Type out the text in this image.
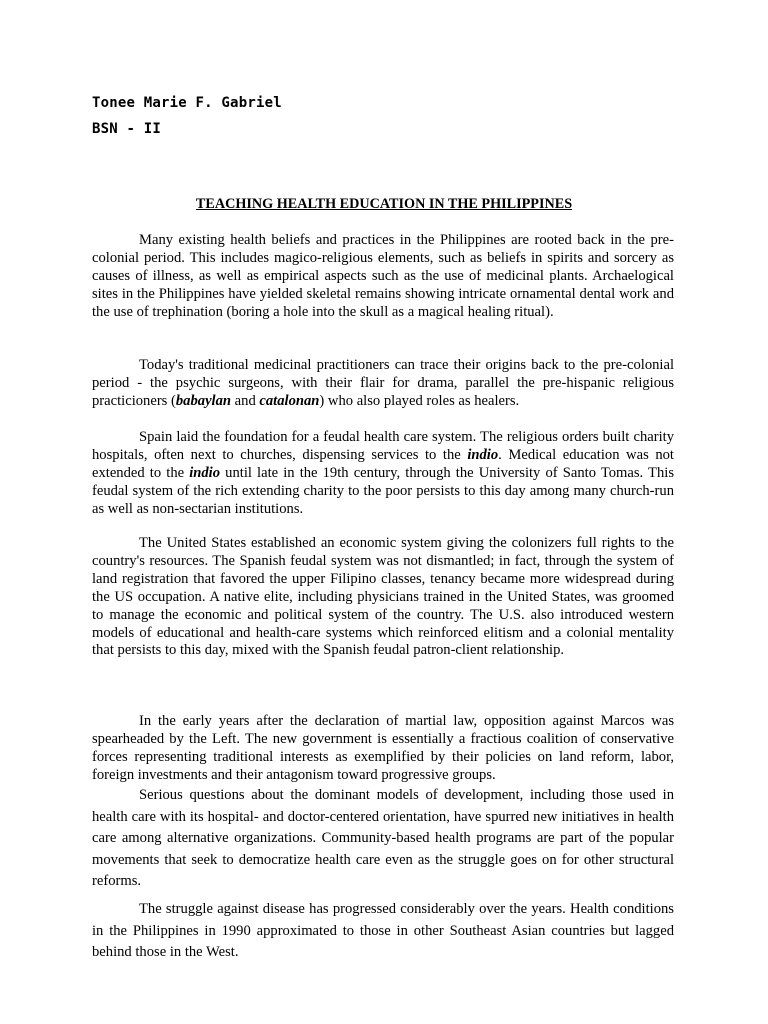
Tonee Marie F. Gabriel
BSN - II
TEACHING HEALTH EDUCATION IN THE PHILIPPINES

Many existing health beliefs and practices in the Philippines are rooted back in the pre-colonial period. This includes magico-religious elements, such as beliefs in spirits and sorcery as causes of illness, as well as empirical aspects such as the use of medicinal plants. Archaelogical sites in the Philippines have yielded skeletal remains showing intricate ornamental dental work and the use of trephination (boring a hole into the skull as a magical healing ritual).

Today's traditional medicinal practitioners can trace their origins back to the pre-colonial period - the psychic surgeons, with their flair for drama, parallel the pre-hispanic religious practicioners (babaylan and catalonan) who also played roles as healers.

Spain laid the foundation for a feudal health care system. The religious orders built charity hospitals, often next to churches, dispensing services to the indio. Medical education was not extended to the indio until late in the 19th century, through the University of Santo Tomas. This feudal system of the rich extending charity to the poor persists to this day among many church-run as well as non-sectarian institutions.

The United States established an economic system giving the colonizers full rights to the country's resources. The Spanish feudal system was not dismantled; in fact, through the system of land registration that favored the upper Filipino classes, tenancy became more widespread during the US occupation. A native elite, including physicians trained in the United States, was groomed to manage the economic and political system of the country. The U.S. also introduced western models of educational and health-care systems which reinforced elitism and a colonial mentality that persists to this day, mixed with the Spanish feudal patron-client relationship.

In the early years after the declaration of martial law, opposition against Marcos was spearheaded by the Left. The new government is essentially a fractious coalition of conservative forces representing traditional interests as exemplified by their policies on land reform, labor, foreign investments and their antagonism toward progressive groups.

Serious questions about the dominant models of development, including those used in health care with its hospital- and doctor-centered orientation, have spurred new initiatives in health care among alternative organizations. Community-based health programs are part of the popular movements that seek to democratize health care even as the struggle goes on for other structural reforms.

The struggle against disease has progressed considerably over the years. Health conditions in the Philippines in 1990 approximated to those in other Southeast Asian countries but lagged behind those in the West.
